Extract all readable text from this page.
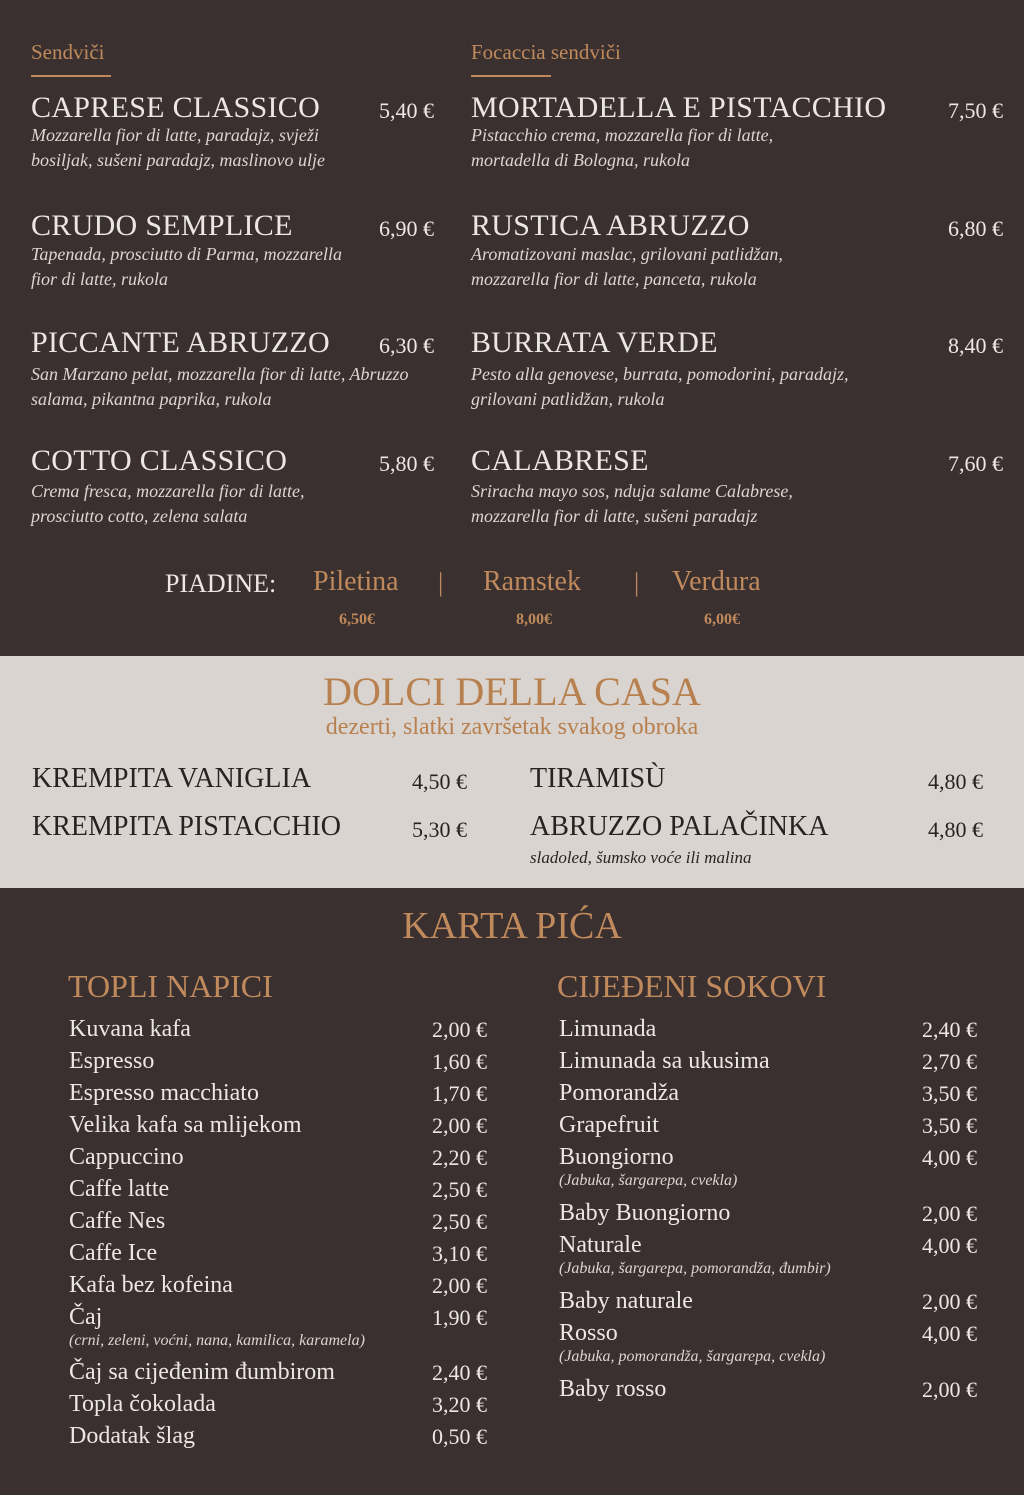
Sendviči	Focaccia sendviči
CAPRESE CLASSICO	5,40 €
Mozzarella fior di latte, paradajz, svježi bosiljak, sušeni paradajz, maslinovo ulje
CRUDO SEMPLICE	6,90 €
Tapenada, prosciutto di Parma, mozzarella fior di latte, rukola
PICCANTE ABRUZZO 6,30 €
San Marzano pelat, mozzarella fior di latte, Abruzzo salama, pikantna paprika, rukola
COTTO CLASSICO	5,80 €
Crema fresca, mozzarella fior di latte, prosciutto cotto, zelena salata
MORTADELLA E PISTACCHIO	7,50 €
Pistacchio crema, mozzarella fior di latte, mortadella di Bologna, rukola
RUSTICA ABRUZZO	6,80 €
Aromatizovani maslac, grilovani patlidžan, mozzarella fior di latte, panceta, rukola
BURRATA VERDE	8,40 €
Pesto alla genovese, burrata, pomodorini, paradajz, grilovani patlidžan, rukola
CALABRESE	7,60 €
Sriracha mayo sos, nduja salame Calabrese, mozzarella fior di latte, sušeni paradajz
PIADINE: Piletina | Ramstek | Verdura
6,50€	8,00€	6,00€
DOLCI DELLA CASA
dezerti, slatki završetak svakog obroka
KREMPITA VANIGLIA	4,50 €
KREMPITA PISTACCHIO	5,30 €
TIRAMISÙ	4,80 €
ABRUZZO PALAČINKA	4,80 €
sladoled, šumsko voće ili malina
KARTA PIĆA
TOPLI NAPICI	CIJEĐENI SOKOVI
Kuvana kafa	2,00 €
Espresso	1,60 €
Espresso macchiato	1,70 €
Velika kafa sa mlijekom	2,00 €
Cappuccino	2,20 €
Caffe latte	2,50 €
Caffe Nes	2,50 €
Caffe Ice	3,10 €
Kafa bez kofeina	2,00 €
Čaj	1,90 €
(crni, zeleni, voćni, nana, kamilica, karamela)
Čaj sa cijeđenim đumbirom	2,40 €
Topla čokolada	3,20 €
Dodatak šlag	0,50 €
Limunada	2,40 €
Limunada sa ukusima	2,70 €
Pomorandža	3,50 €
Grapefruit	3,50 €
Buongiorno	4,00 €
(Jabuka, šargarepa, cvekla)
Baby Buongiorno	2,00 €
Naturale	4,00 €
(Jabuka, šargarepa, pomorandža, đumbir)
Baby naturale	2,00 €
Rosso	4,00 €
(Jabuka, pomorandža, šargarepa, cvekla)
Baby rosso	2,00 €
